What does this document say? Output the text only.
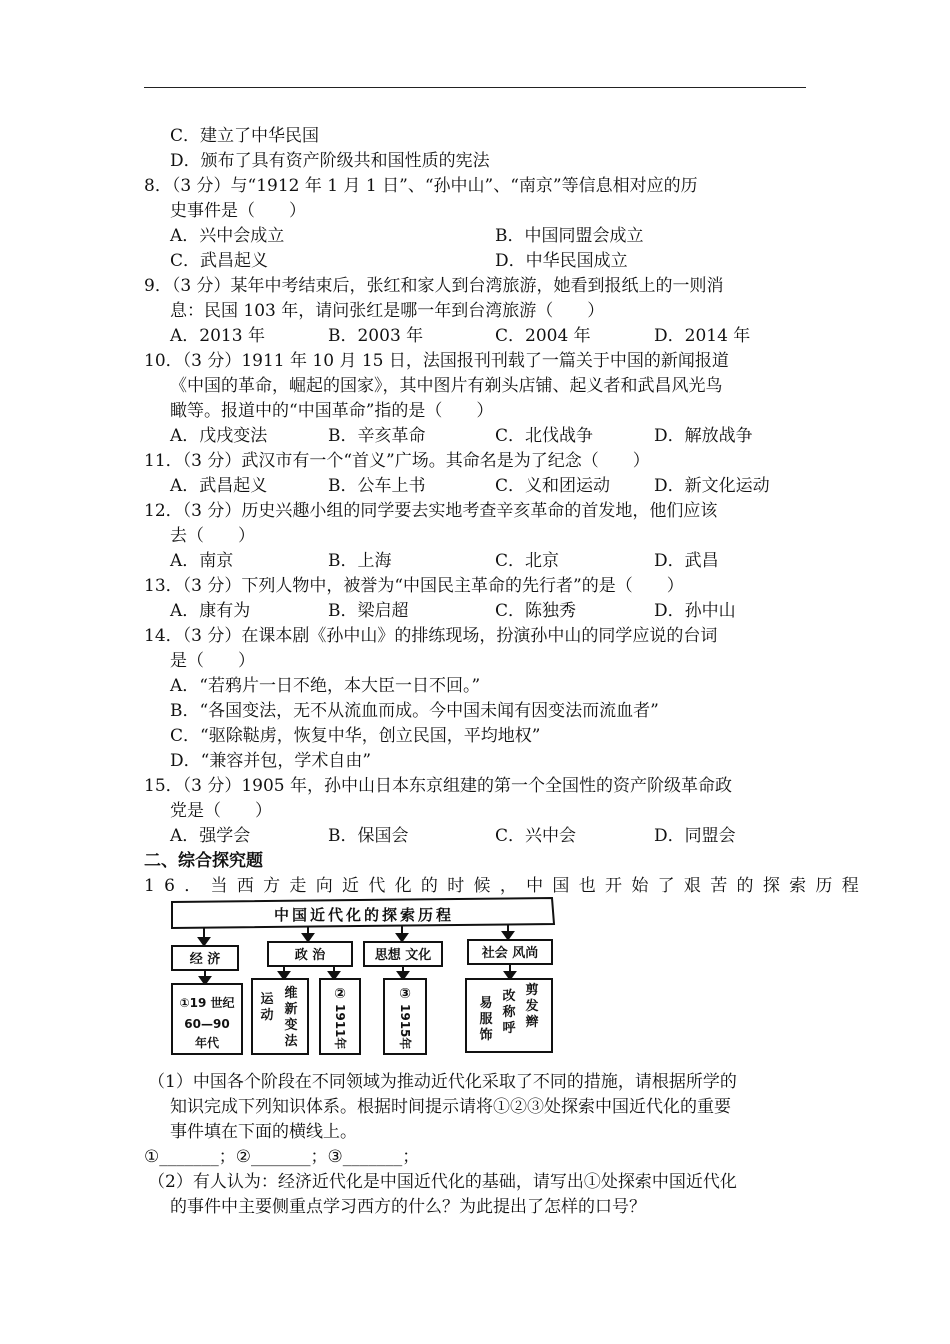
C．建立了中华民国
D．颁布了具有资产阶级共和国性质的宪法
8．（3 分）与“1912 年 1 月 1 日”、“孙中山”、“南京”等信息相对应的历
史事件是（　　）
A．兴中会成立	B．中国同盟会成立
C．武昌起义	D．中华民国成立
9．（3 分）某年中考结束后，张红和家人到台湾旅游，她看到报纸上的一则消
息：民国 103 年，请问张红是哪一年到台湾旅游（　　）
A．2013 年	B．2003 年	C．2004 年	D．2014 年
10．（3 分）1911 年 10 月 15 日，法国报刊刊载了一篇关于中国的新闻报道
《中国的革命，崛起的国家》，其中图片有剃头店铺、起义者和武昌风光鸟
瞰等。报道中的“中国革命”指的是（　　）
A．戊戌变法	B．辛亥革命	C．北伐战争	D．解放战争
11．（3 分）武汉市有一个“首义”广场。其命名是为了纪念（　　）
A．武昌起义	B．公车上书	C．义和团运动	D．新文化运动
12．（3 分）历史兴趣小组的同学要去实地考查辛亥革命的首发地，他们应该
去（　　）
A．南京	B．上海	C．北京	D．武昌
13．（3 分）下列人物中，被誉为“中国民主革命的先行者”的是（　　）
A．康有为	B．梁启超	C．陈独秀	D．孙中山
14．（3 分）在课本剧《孙中山》的排练现场，扮演孙中山的同学应说的台词
是（　　）
A．“若鸦片一日不绝，本大臣一日不回。”
B．“各国变法，无不从流血而成。今中国未闻有因变法而流血者”
C．“驱除鞑虏，恢复中华，创立民国，平均地权”
D．“兼容并包，学术自由”
15．（3 分）1905 年，孙中山日本东京组建的第一个全国性的资产阶级革命政
党是（　　）
A．强学会	B．保国会	C．兴中会	D．同盟会
二、综合探究题
16．当西方走向近代化的时候，中国也开始了艰苦的探索历程
中国近代化的探索历程
经 济	政 治	思想 文化	社会 风尚
①19 世纪
60—90
年代
运
动
维
新
变
法
②
1911年
③
1915年
易
服
饰
改
称
呼
剪
发
辫
（1）中国各个阶段在不同领域为推动近代化采取了不同的措施，请根据所学的
知识完成下列知识体系。根据时间提示请将①②③处探索中国近代化的重要
事件填在下面的横线上。
①_______；②_______；③_______；
（2）有人认为：经济近代化是中国近代化的基础，请写出①处探索中国近代化
的事件中主要侧重点学习西方的什么？为此提出了怎样的口号？
